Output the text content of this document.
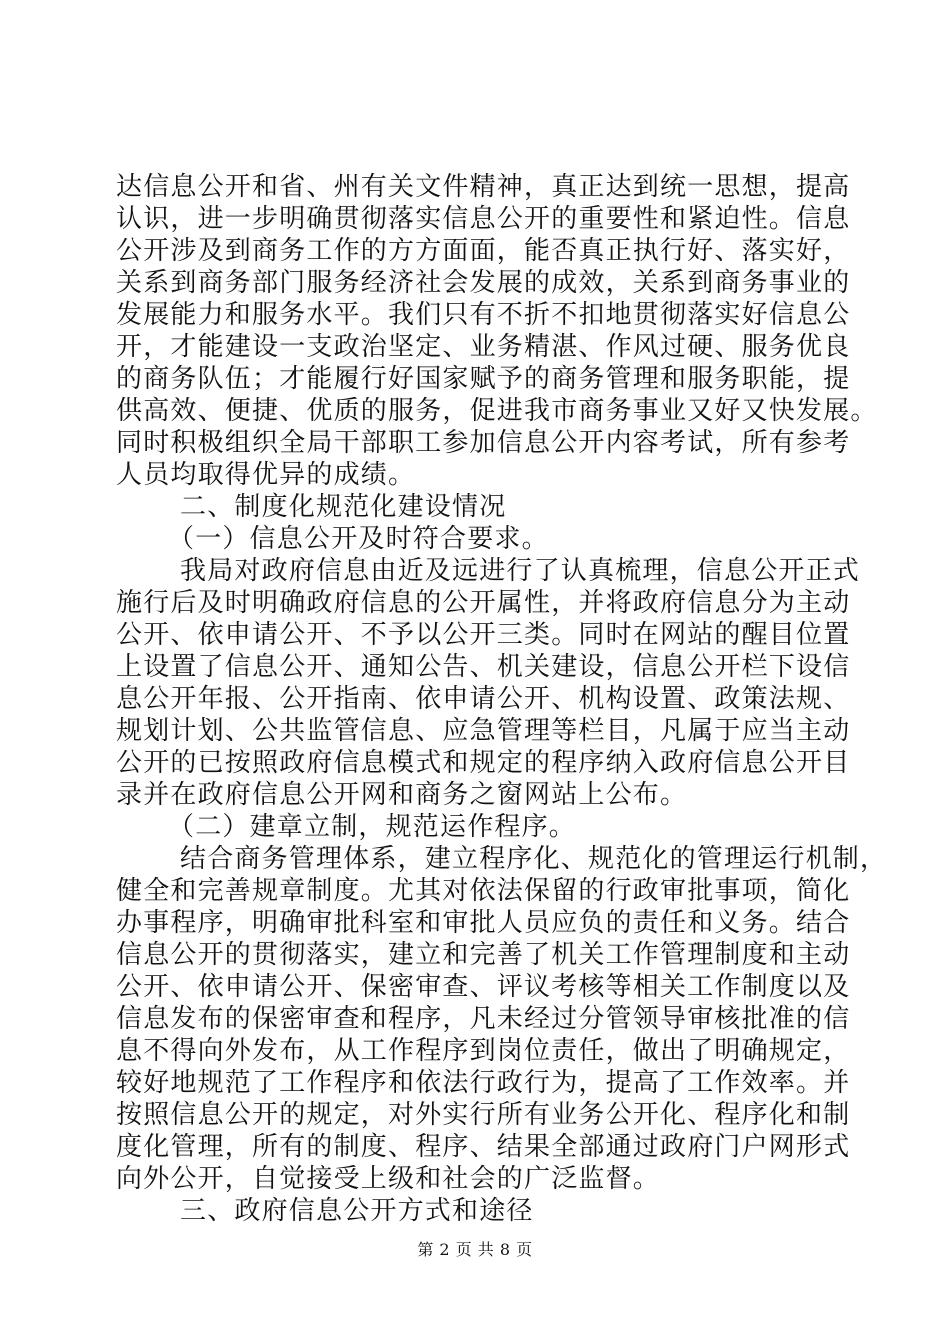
达信息公开和省、州有关文件精神，真正达到统一思想，提高
认识，进一步明确贯彻落实信息公开的重要性和紧迫性。信息
公开涉及到商务工作的方方面面，能否真正执行好、落实好，
关系到商务部门服务经济社会发展的成效，关系到商务事业的
发展能力和服务水平。我们只有不折不扣地贯彻落实好信息公
开，才能建设一支政治坚定、业务精湛、作风过硬、服务优良
的商务队伍；才能履行好国家赋予的商务管理和服务职能，提
供高效、便捷、优质的服务，促进我市商务事业又好又快发展。
同时积极组织全局干部职工参加信息公开内容考试，所有参考
人员均取得优异的成绩。
二、制度化规范化建设情况
（一）信息公开及时符合要求。
我局对政府信息由近及远进行了认真梳理，信息公开正式
施行后及时明确政府信息的公开属性，并将政府信息分为主动
公开、依申请公开、不予以公开三类。同时在网站的醒目位置
上设置了信息公开、通知公告、机关建设，信息公开栏下设信
息公开年报、公开指南、依申请公开、机构设置、政策法规、
规划计划、公共监管信息、应急管理等栏目，凡属于应当主动
公开的已按照政府信息模式和规定的程序纳入政府信息公开目
录并在政府信息公开网和商务之窗网站上公布。
（二）建章立制，规范运作程序。
结合商务管理体系，建立程序化、规范化的管理运行机制，
健全和完善规章制度。尤其对依法保留的行政审批事项，简化
办事程序，明确审批科室和审批人员应负的责任和义务。结合
信息公开的贯彻落实，建立和完善了机关工作管理制度和主动
公开、依申请公开、保密审查、评议考核等相关工作制度以及
信息发布的保密审查和程序，凡未经过分管领导审核批准的信
息不得向外发布，从工作程序到岗位责任，做出了明确规定，
较好地规范了工作程序和依法行政行为，提高了工作效率。并
按照信息公开的规定，对外实行所有业务公开化、程序化和制
度化管理，所有的制度、程序、结果全部通过政府门户网形式
向外公开，自觉接受上级和社会的广泛监督。
三、政府信息公开方式和途径
第 2 页 共 8 页
